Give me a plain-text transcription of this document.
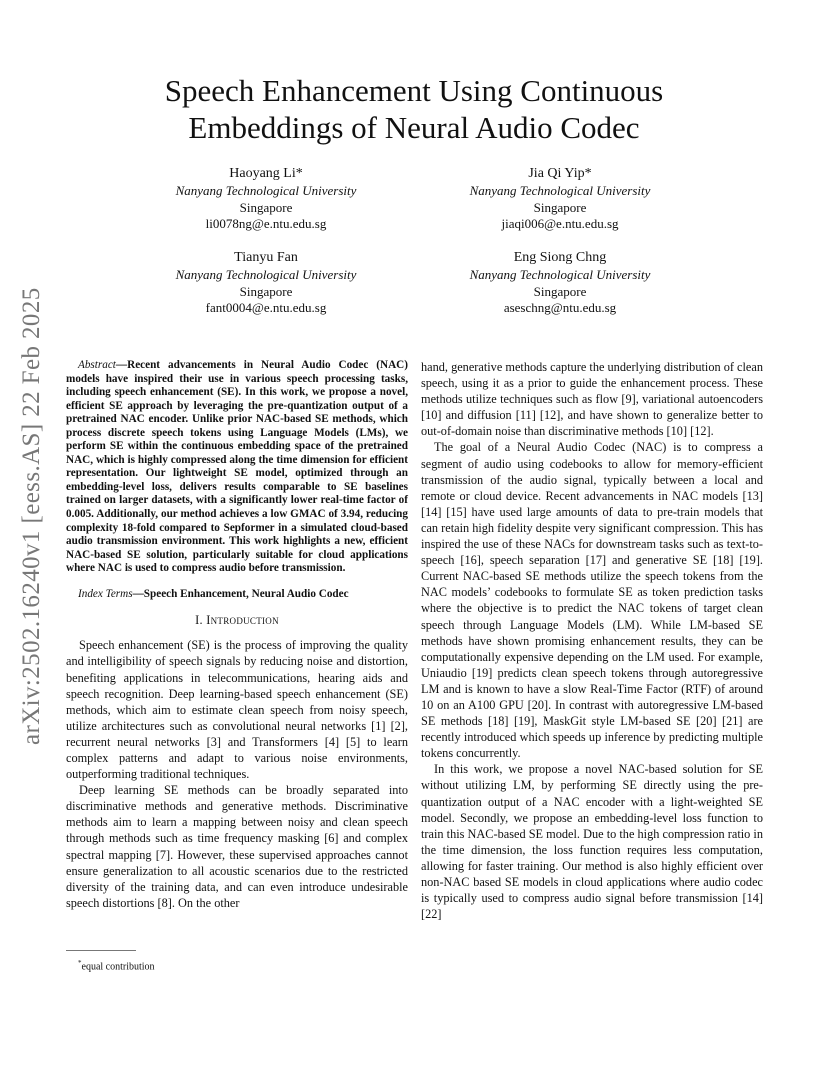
Speech Enhancement Using Continuous
Embeddings of Neural Audio Codec
Haoyang Li*
Nanyang Technological University
Singapore
li0078ng@e.ntu.edu.sg
Jia Qi Yip*
Nanyang Technological University
Singapore
jiaqi006@e.ntu.edu.sg
Tianyu Fan
Nanyang Technological University
Singapore
fant0004@e.ntu.edu.sg
Eng Siong Chng
Nanyang Technological University
Singapore
aseschng@ntu.edu.sg
arXiv:2502.16240v1 [eess.AS] 22 Feb 2025	Abstract—Recent advancements in Neural Audio Codec (NAC) models have inspired their use in various speech processing tasks, including speech enhancement (SE). In this work, we propose a novel, efficient SE approach by leveraging the pre-quantization output of a pretrained NAC encoder. Unlike prior NAC-based SE methods, which process discrete speech tokens using Language Models (LMs), we perform SE within the continuous embedding space of the pretrained NAC, which is highly compressed along the time dimension for efficient representation. Our lightweight SE model, optimized through an embedding-level loss, delivers results comparable to SE baselines trained on larger datasets, with a significantly lower real-time factor of 0.005. Additionally, our method achieves a low GMAC of 3.94, reducing complexity 18-fold compared to Sepformer in a simulated cloud-based audio transmission environment. This work highlights a new, efficient NAC-based SE solution, particularly suitable for cloud applications where NAC is used to compress audio before transmission.

Index Terms—Speech Enhancement, Neural Audio Codec

I. Introduction

Speech enhancement (SE) is the process of improving the quality and intelligibility of speech signals by reducing noise and distortion, benefiting applications in telecommunications, hearing aids and speech recognition. Deep learning-based speech enhancement (SE) methods, which aim to estimate clean speech from noisy speech, utilize architectures such as convolutional neural networks [1] [2], recurrent neural networks [3] and Transformers [4] [5] to learn complex patterns and adapt to various noise environments, outperforming traditional techniques.

Deep learning SE methods can be broadly separated into discriminative methods and generative methods. Discriminative methods aim to learn a mapping between noisy and clean speech through methods such as time frequency masking [6] and complex spectral mapping [7]. However, these supervised approaches cannot ensure generalization to all acoustic scenarios due to the restricted diversity of the training data, and can even introduce undesirable speech distortions [8]. On the other

hand, generative methods capture the underlying distribution of clean speech, using it as a prior to guide the enhancement process. These methods utilize techniques such as flow [9], variational autoencoders [10] and diffusion [11] [12], and have shown to generalize better to out-of-domain noise than discriminative methods [10] [12].

The goal of a Neural Audio Codec (NAC) is to compress a segment of audio using codebooks to allow for memory-efficient transmission of the audio signal, typically between a local and remote or cloud device. Recent advancements in NAC models [13] [14] [15] have used large amounts of data to pre-train models that can retain high fidelity despite very significant compression. This has inspired the use of these NACs for downstream tasks such as text-to-speech [16], speech separation [17] and generative SE [18] [19]. Current NAC-based SE methods utilize the speech tokens from the NAC models’ codebooks to formulate SE as token prediction tasks where the objective is to predict the NAC tokens of target clean speech through Language Models (LM). While LM-based SE methods have shown promising enhancement results, they can be computationally expensive depending on the LM used. For example, Uniaudio [19] predicts clean speech tokens through autoregressive LM and is known to have a slow Real-Time Factor (RTF) of around 10 on an A100 GPU [20]. In contrast with autoregressive LM-based SE methods [18] [19], MaskGit style LM-based SE [20] [21] are recently introduced which speeds up inference by predicting multiple tokens concurrently.

In this work, we propose a novel NAC-based solution for SE without utilizing LM, by performing SE directly using the pre-quantization output of a NAC encoder with a light-weighted SE model. Secondly, we propose an embedding-level loss function to train this NAC-based SE model. Due to the high compression ratio in the time dimension, the loss function requires less computation, allowing for faster training. Our method is also highly efficient over non-NAC based SE models in cloud applications where audio codec is typically used to compress audio signal before transmission [14] [22]

*equal contribution
